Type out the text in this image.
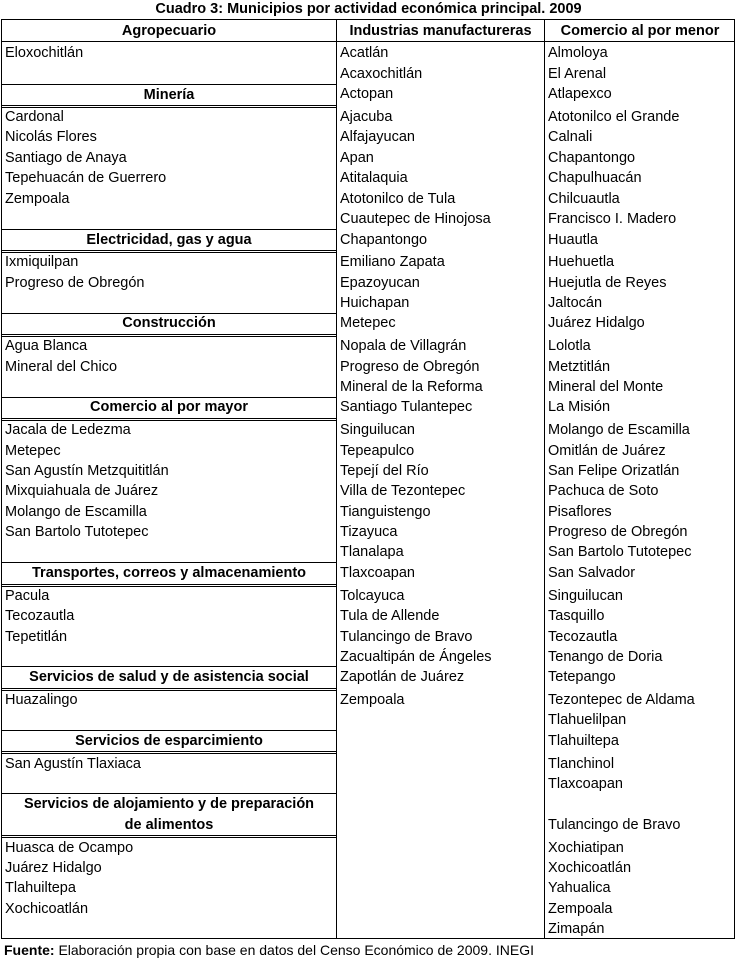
Cuadro 3: Municipios por actividad económica principal. 2009
Agropecuario	Industrias manufactureras	Comercio al por menor
Eloxochitlán
Minería
Cardonal
Nicolás Flores
Santiago de Anaya
Tepehuacán de Guerrero
Zempoala
Electricidad, gas y agua
Ixmiquilpan
Progreso de Obregón
Construcción
Agua Blanca
Mineral del Chico
Comercio al por mayor
Jacala de Ledezma
Metepec
San Agustín Metzquititlán
Mixquiahuala de Juárez
Molango de Escamilla
San Bartolo Tutotepec
Transportes, correos y almacenamiento
Pacula
Tecozautla
Tepetitlán
Servicios de salud y de asistencia social
Huazalingo
Servicios de esparcimiento
San Agustín Tlaxiaca
Servicios de alojamiento y de preparación
de alimentos
Huasca de Ocampo
Juárez Hidalgo
Tlahuiltepa
Xochicoatlán
Acatlán
Acaxochitlán
Actopan
Ajacuba
Alfajayucan
Apan
Atitalaquia
Atotonilco de Tula
Cuautepec de Hinojosa
Chapantongo
Emiliano Zapata
Epazoyucan
Huichapan
Metepec
Nopala de Villagrán
Progreso de Obregón
Mineral de la Reforma
Santiago Tulantepec
Singuilucan
Tepeapulco
Tepejí del Río
Villa de Tezontepec
Tianguistengo
Tizayuca
Tlanalapa
Tlaxcoapan
Tolcayuca
Tula de Allende
Tulancingo de Bravo
Zacualtipán de Ángeles
Zapotlán de Juárez
Zempoala
Almoloya
El Arenal
Atlapexco
Atotonilco el Grande
Calnali
Chapantongo
Chapulhuacán
Chilcuautla
Francisco I. Madero
Huautla
Huehuetla
Huejutla de Reyes
Jaltocán
Juárez Hidalgo
Lolotla
Metztitlán
Mineral del Monte
La Misión
Molango de Escamilla
Omitlán de Juárez
San Felipe Orizatlán
Pachuca de Soto
Pisaflores
Progreso de Obregón
San Bartolo Tutotepec
San Salvador
Singuilucan
Tasquillo
Tecozautla
Tenango de Doria
Tetepango
Tezontepec de Aldama
Tlahuelilpan
Tlahuiltepa
Tlanchinol
Tlaxcoapan
Tulancingo de Bravo
Xochiatipan
Xochicoatlán
Yahualica
Zempoala
Zimapán
Fuente: Elaboración propia con base en datos del Censo Económico de 2009. INEGI
